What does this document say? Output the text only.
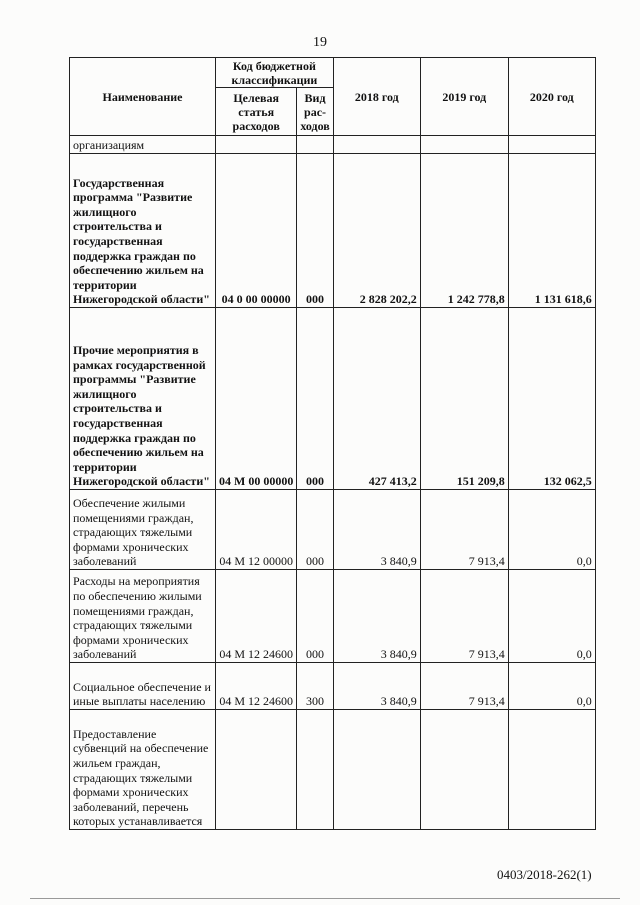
19
Наименование	Код бюджетной классификации		2018 год	2019 год	2020 год
	Целевая статья расходов	Вид рас- ходов			
организациям					
Государственная программа "Развитие жилищного строительства и государственная поддержка граждан по обеспечению жильем на территории Нижегородской области"	04 0 00 00000	000	2 828 202,2	1 242 778,8	1 131 618,6
Прочие мероприятия в рамках государственной программы "Развитие жилищного строительства и государственная поддержка граждан по обеспечению жильем на территории Нижегородской области"	04 М 00 00000	000	427 413,2	151 209,8	132 062,5
Обеспечение жилыми помещениями граждан, страдающих тяжелыми формами хронических заболеваний	04 М 12 00000	000	3 840,9	7 913,4	0,0
Расходы на мероприятия по обеспечению жилыми помещениями граждан, страдающих тяжелыми формами хронических заболеваний	04 М 12 24600	000	3 840,9	7 913,4	0,0
Социальное обеспечение и иные выплаты населению	04 М 12 24600	300	3 840,9	7 913,4	0,0
Предоставление субвенций на обеспечение жильем граждан, страдающих тяжелыми формами хронических заболеваний, перечень которых устанавливается					
0403/2018-262(1)
